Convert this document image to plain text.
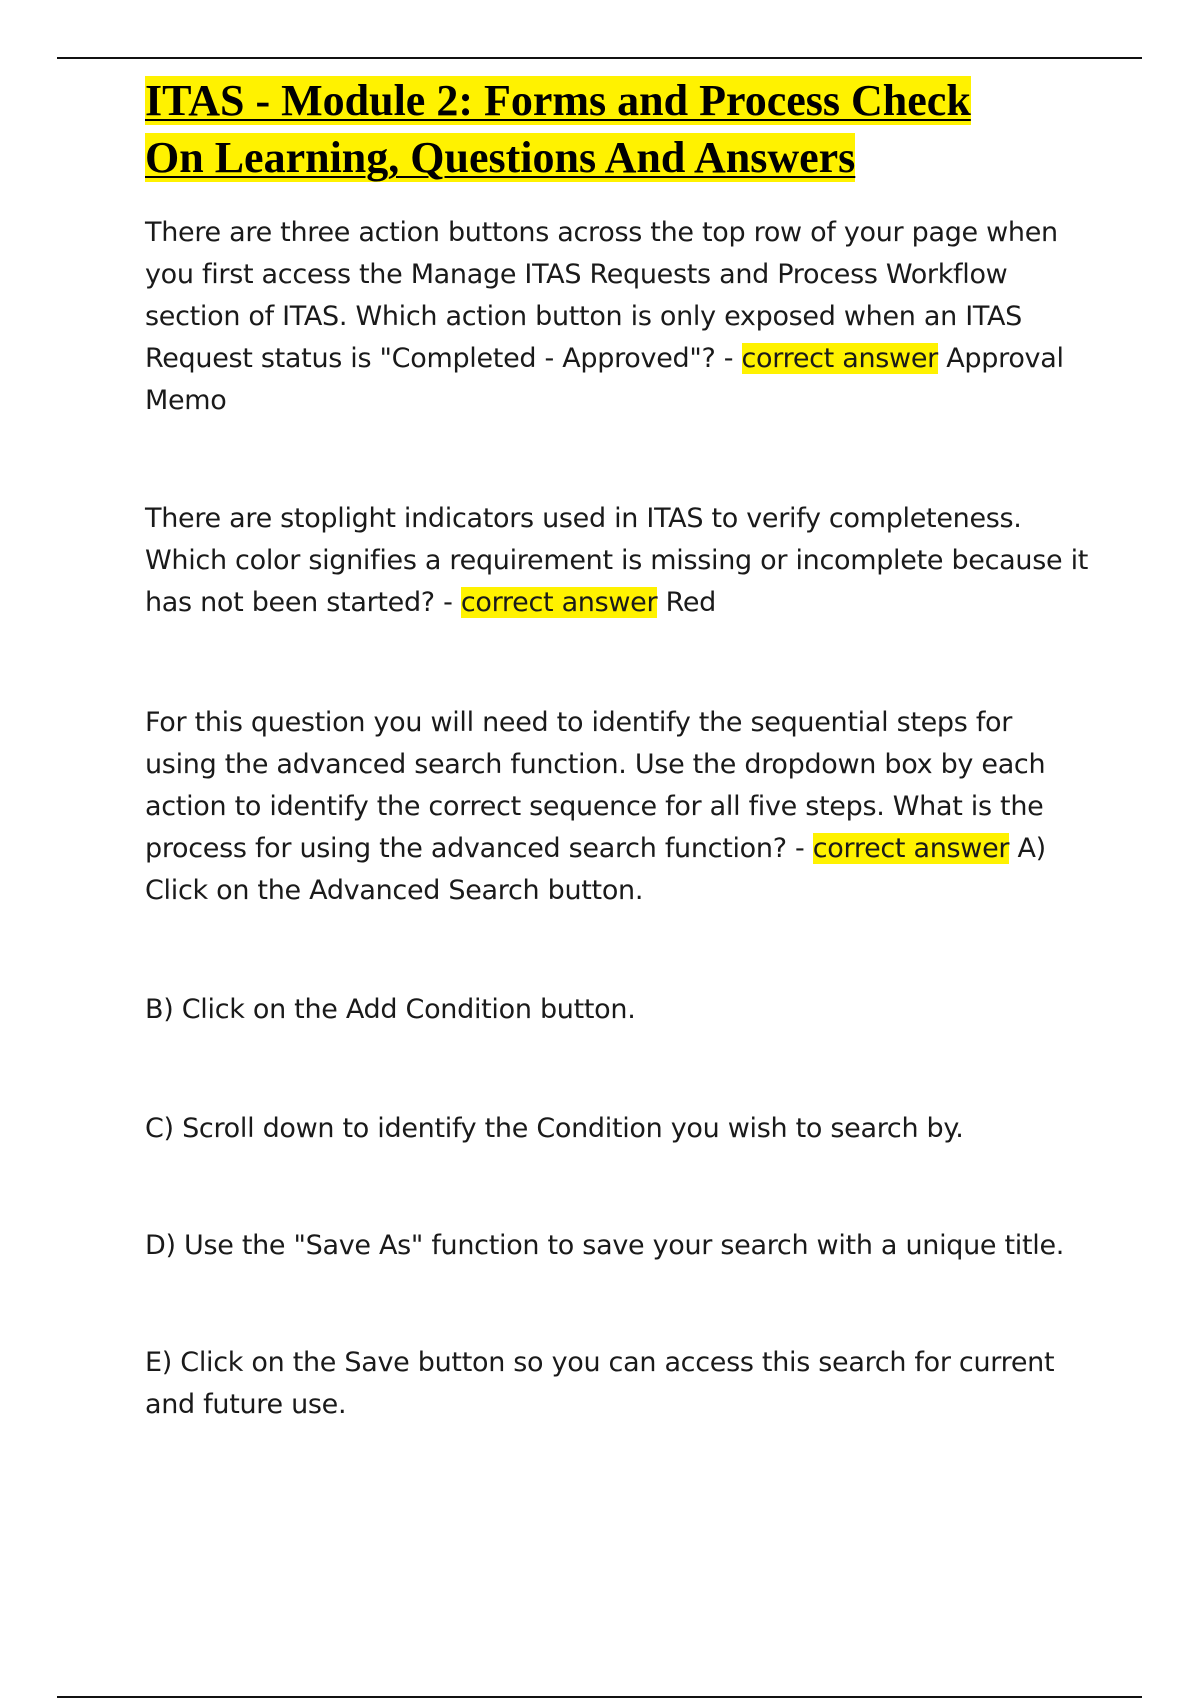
ITAS - Module 2: Forms and Process Check
On Learning, Questions And Answers

There are three action buttons across the top row of your page when you first access the Manage ITAS Requests and Process Workflow section of ITAS. Which action button is only exposed when an ITAS Request status is "Completed - Approved"? - correct answer Approval Memo

There are stoplight indicators used in ITAS to verify completeness. Which color signifies a requirement is missing or incomplete because it has not been started? - correct answer Red

For this question you will need to identify the sequential steps for using the advanced search function. Use the dropdown box by each action to identify the correct sequence for all five steps. What is the process for using the advanced search function? - correct answer A) Click on the Advanced Search button.

B) Click on the Add Condition button.

C) Scroll down to identify the Condition you wish to search by.

D) Use the "Save As" function to save your search with a unique title.

E) Click on the Save button so you can access this search for current and future use.
